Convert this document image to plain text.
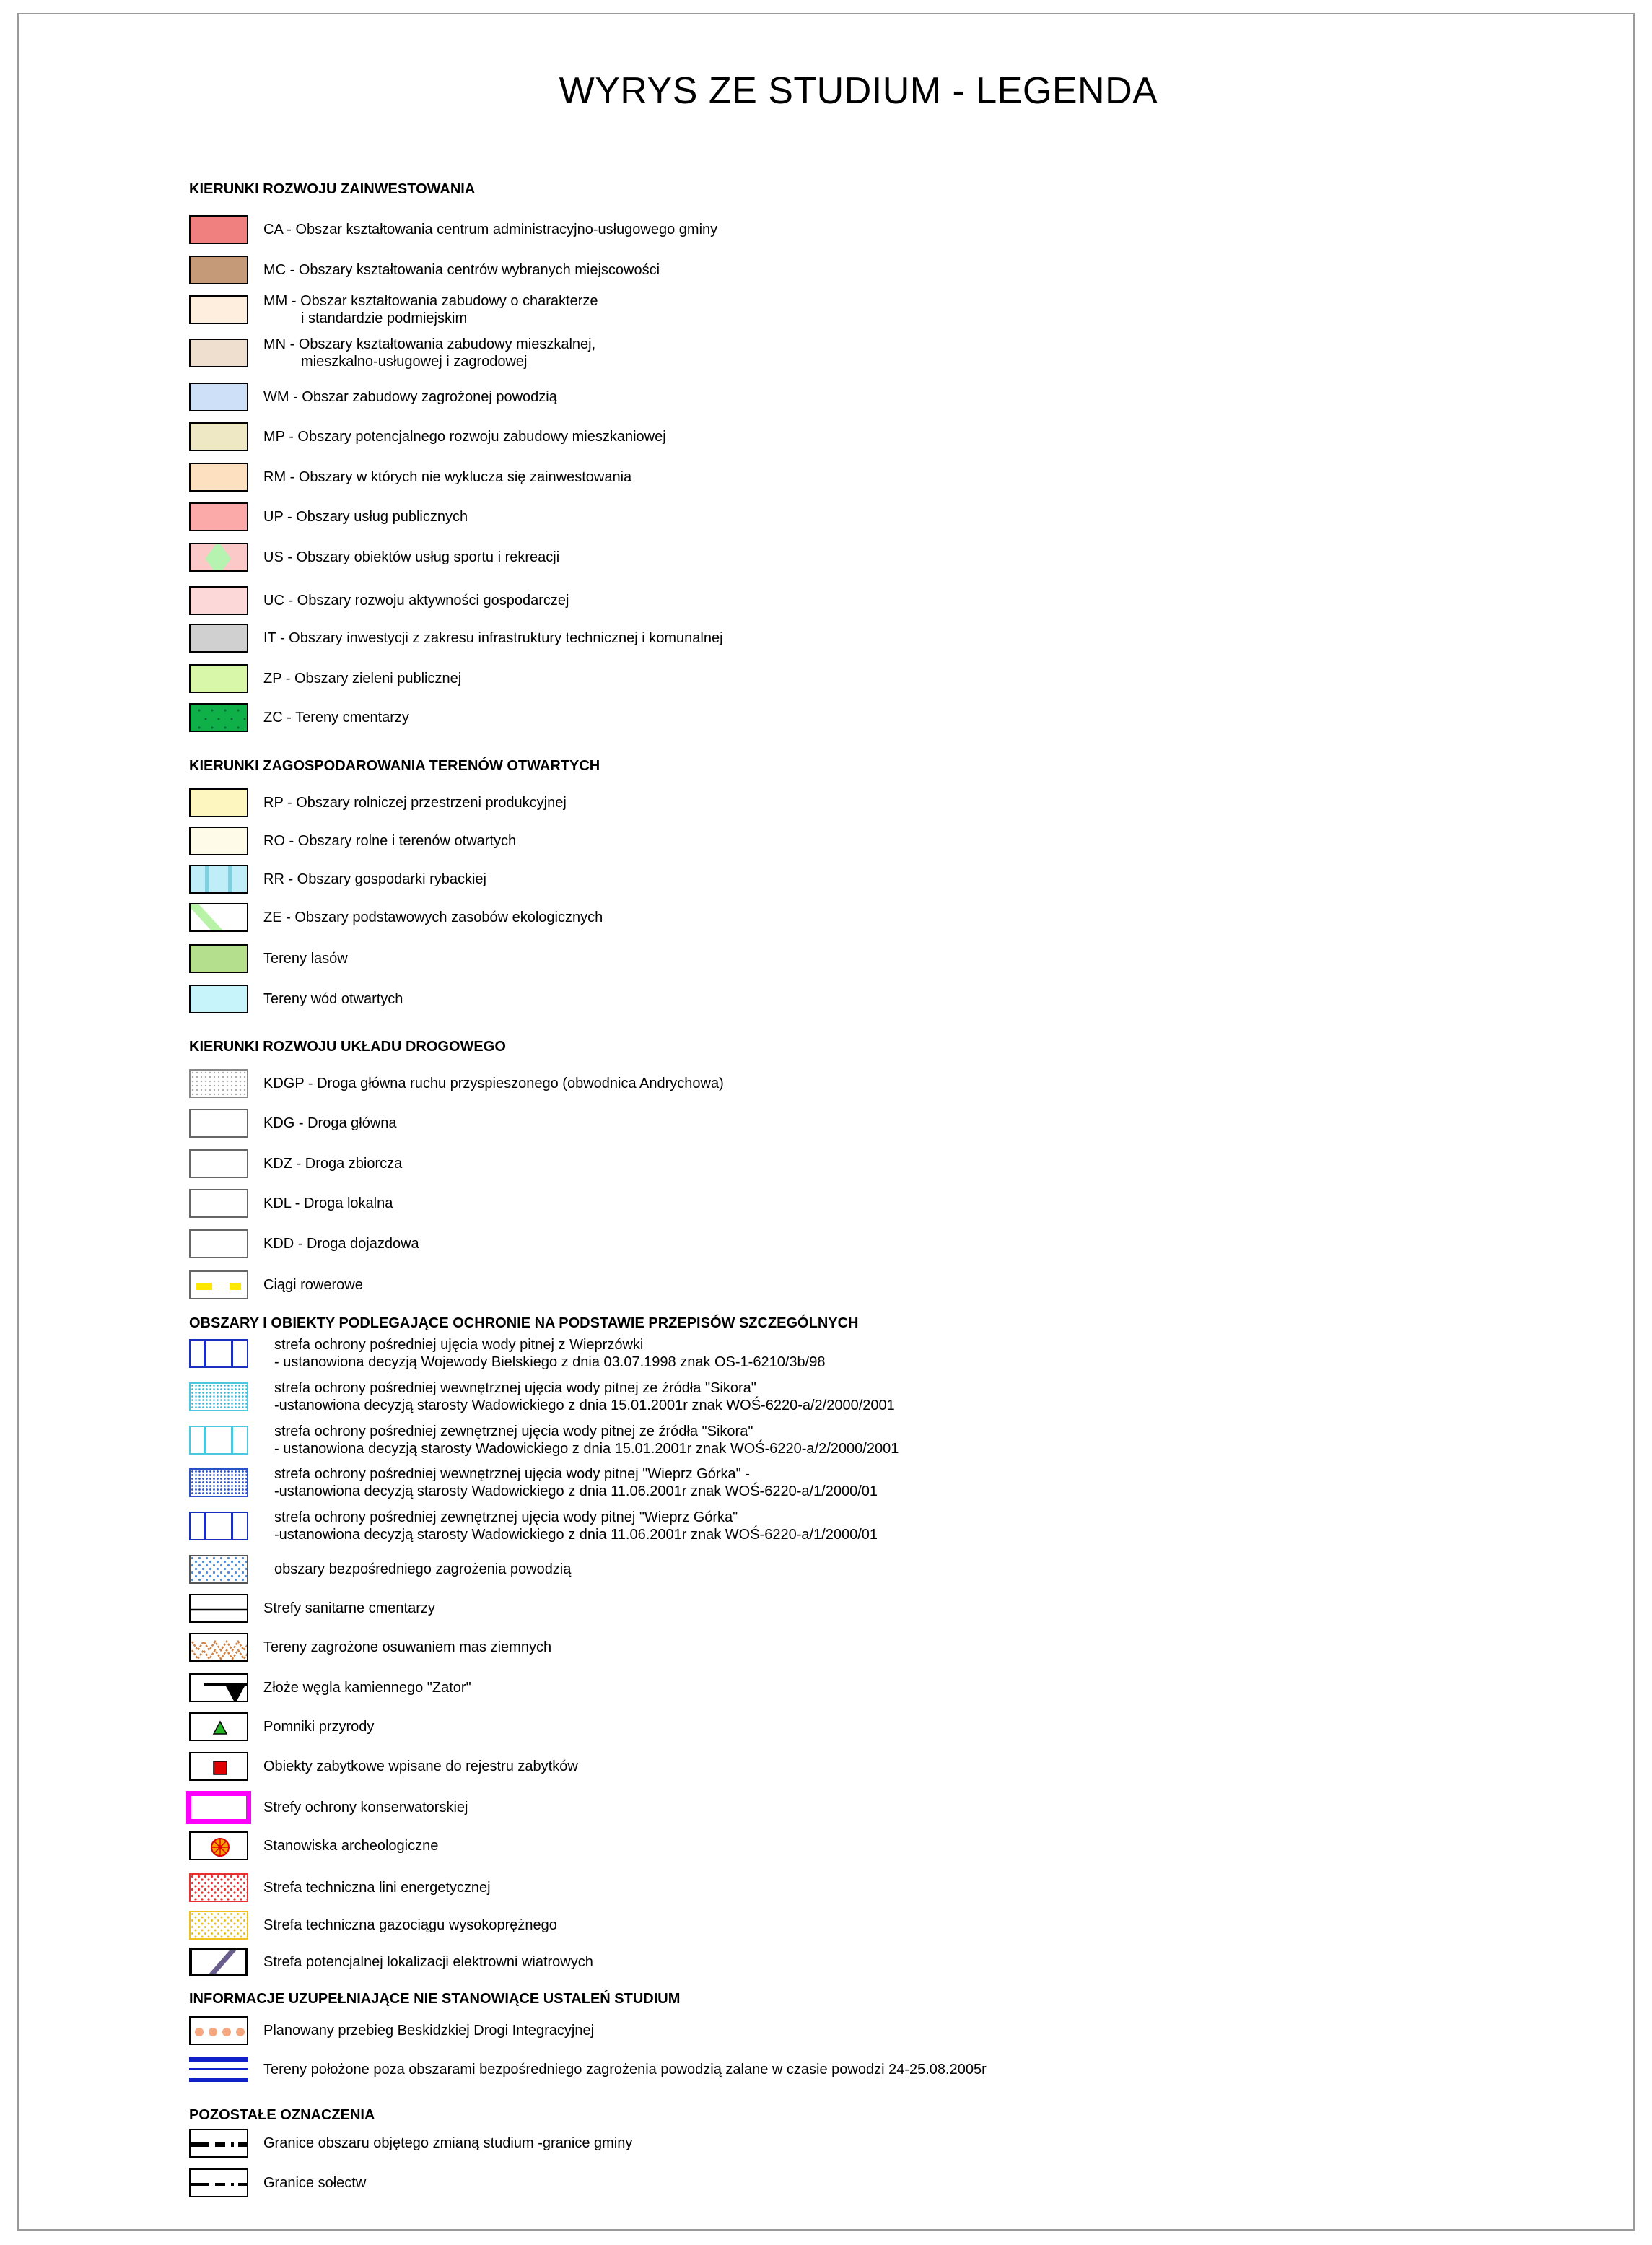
WYRYS ZE STUDIUM - LEGENDA
KIERUNKI ROZWOJU ZAINWESTOWANIA
CA - Obszar kształtowania centrum administracyjno-usługowego gminy
MC - Obszary kształtowania centrów wybranych miejscowości
MM - Obszar kształtowania zabudowy o charakterze
i standardzie podmiejskim
MN - Obszary kształtowania zabudowy mieszkalnej,
mieszkalno-usługowej i zagrodowej
WM - Obszar zabudowy zagrożonej powodzią
MP - Obszary potencjalnego rozwoju zabudowy mieszkaniowej
RM - Obszary w których nie wyklucza się zainwestowania
UP - Obszary usług publicznych
US - Obszary obiektów usług sportu i rekreacji
UC - Obszary rozwoju aktywności gospodarczej
IT - Obszary inwestycji z zakresu infrastruktury technicznej i komunalnej
ZP - Obszary zieleni publicznej
ZC - Tereny cmentarzy
KIERUNKI ZAGOSPODAROWANIA TERENÓW OTWARTYCH
RP - Obszary rolniczej przestrzeni produkcyjnej
RO - Obszary rolne i terenów otwartych
RR - Obszary gospodarki rybackiej
ZE - Obszary podstawowych zasobów ekologicznych
Tereny lasów
Tereny wód otwartych
KIERUNKI ROZWOJU UKŁADU DROGOWEGO
KDGP - Droga główna ruchu przyspieszonego (obwodnica Andrychowa)
KDG - Droga główna
KDZ - Droga zbiorcza
KDL - Droga lokalna
KDD - Droga dojazdowa
Ciągi rowerowe
OBSZARY I OBIEKTY PODLEGAJĄCE OCHRONIE NA PODSTAWIE PRZEPISÓW SZCZEGÓLNYCH
strefa ochrony pośredniej ujęcia wody pitnej z Wieprzówki
- ustanowiona decyzją Wojewody Bielskiego z dnia 03.07.1998 znak OS-1-6210/3b/98
strefa ochrony pośredniej wewnętrznej ujęcia wody pitnej ze źródła "Sikora"
-ustanowiona decyzją starosty Wadowickiego z dnia 15.01.2001r znak WOŚ-6220-a/2/2000/2001
strefa ochrony pośredniej zewnętrznej ujęcia wody pitnej ze źródła "Sikora"
- ustanowiona decyzją starosty Wadowickiego z dnia 15.01.2001r znak WOŚ-6220-a/2/2000/2001
strefa ochrony pośredniej wewnętrznej ujęcia wody pitnej "Wieprz Górka" -
-ustanowiona decyzją starosty Wadowickiego z dnia 11.06.2001r znak WOŚ-6220-a/1/2000/01
strefa ochrony pośredniej zewnętrznej ujęcia wody pitnej "Wieprz Górka"
-ustanowiona decyzją starosty Wadowickiego z dnia 11.06.2001r znak WOŚ-6220-a/1/2000/01
obszary bezpośredniego zagrożenia powodzią
Strefy sanitarne cmentarzy
Tereny zagrożone osuwaniem mas ziemnych
Złoże węgla kamiennego "Zator"
Pomniki przyrody
Obiekty zabytkowe wpisane do rejestru zabytków
Strefy ochrony konserwatorskiej
Stanowiska archeologiczne
Strefa techniczna lini energetycznej
Strefa techniczna gazociągu wysokoprężnego
Strefa potencjalnej lokalizacji elektrowni wiatrowych
INFORMACJE UZUPEŁNIAJĄCE NIE STANOWIĄCE USTALEŃ STUDIUM
Planowany przebieg Beskidzkiej Drogi Integracyjnej
Tereny położone poza obszarami bezpośredniego zagrożenia powodzią zalane w czasie powodzi 24-25.08.2005r
POZOSTAŁE OZNACZENIA
Granice obszaru objętego zmianą studium -granice gminy
Granice sołectw
